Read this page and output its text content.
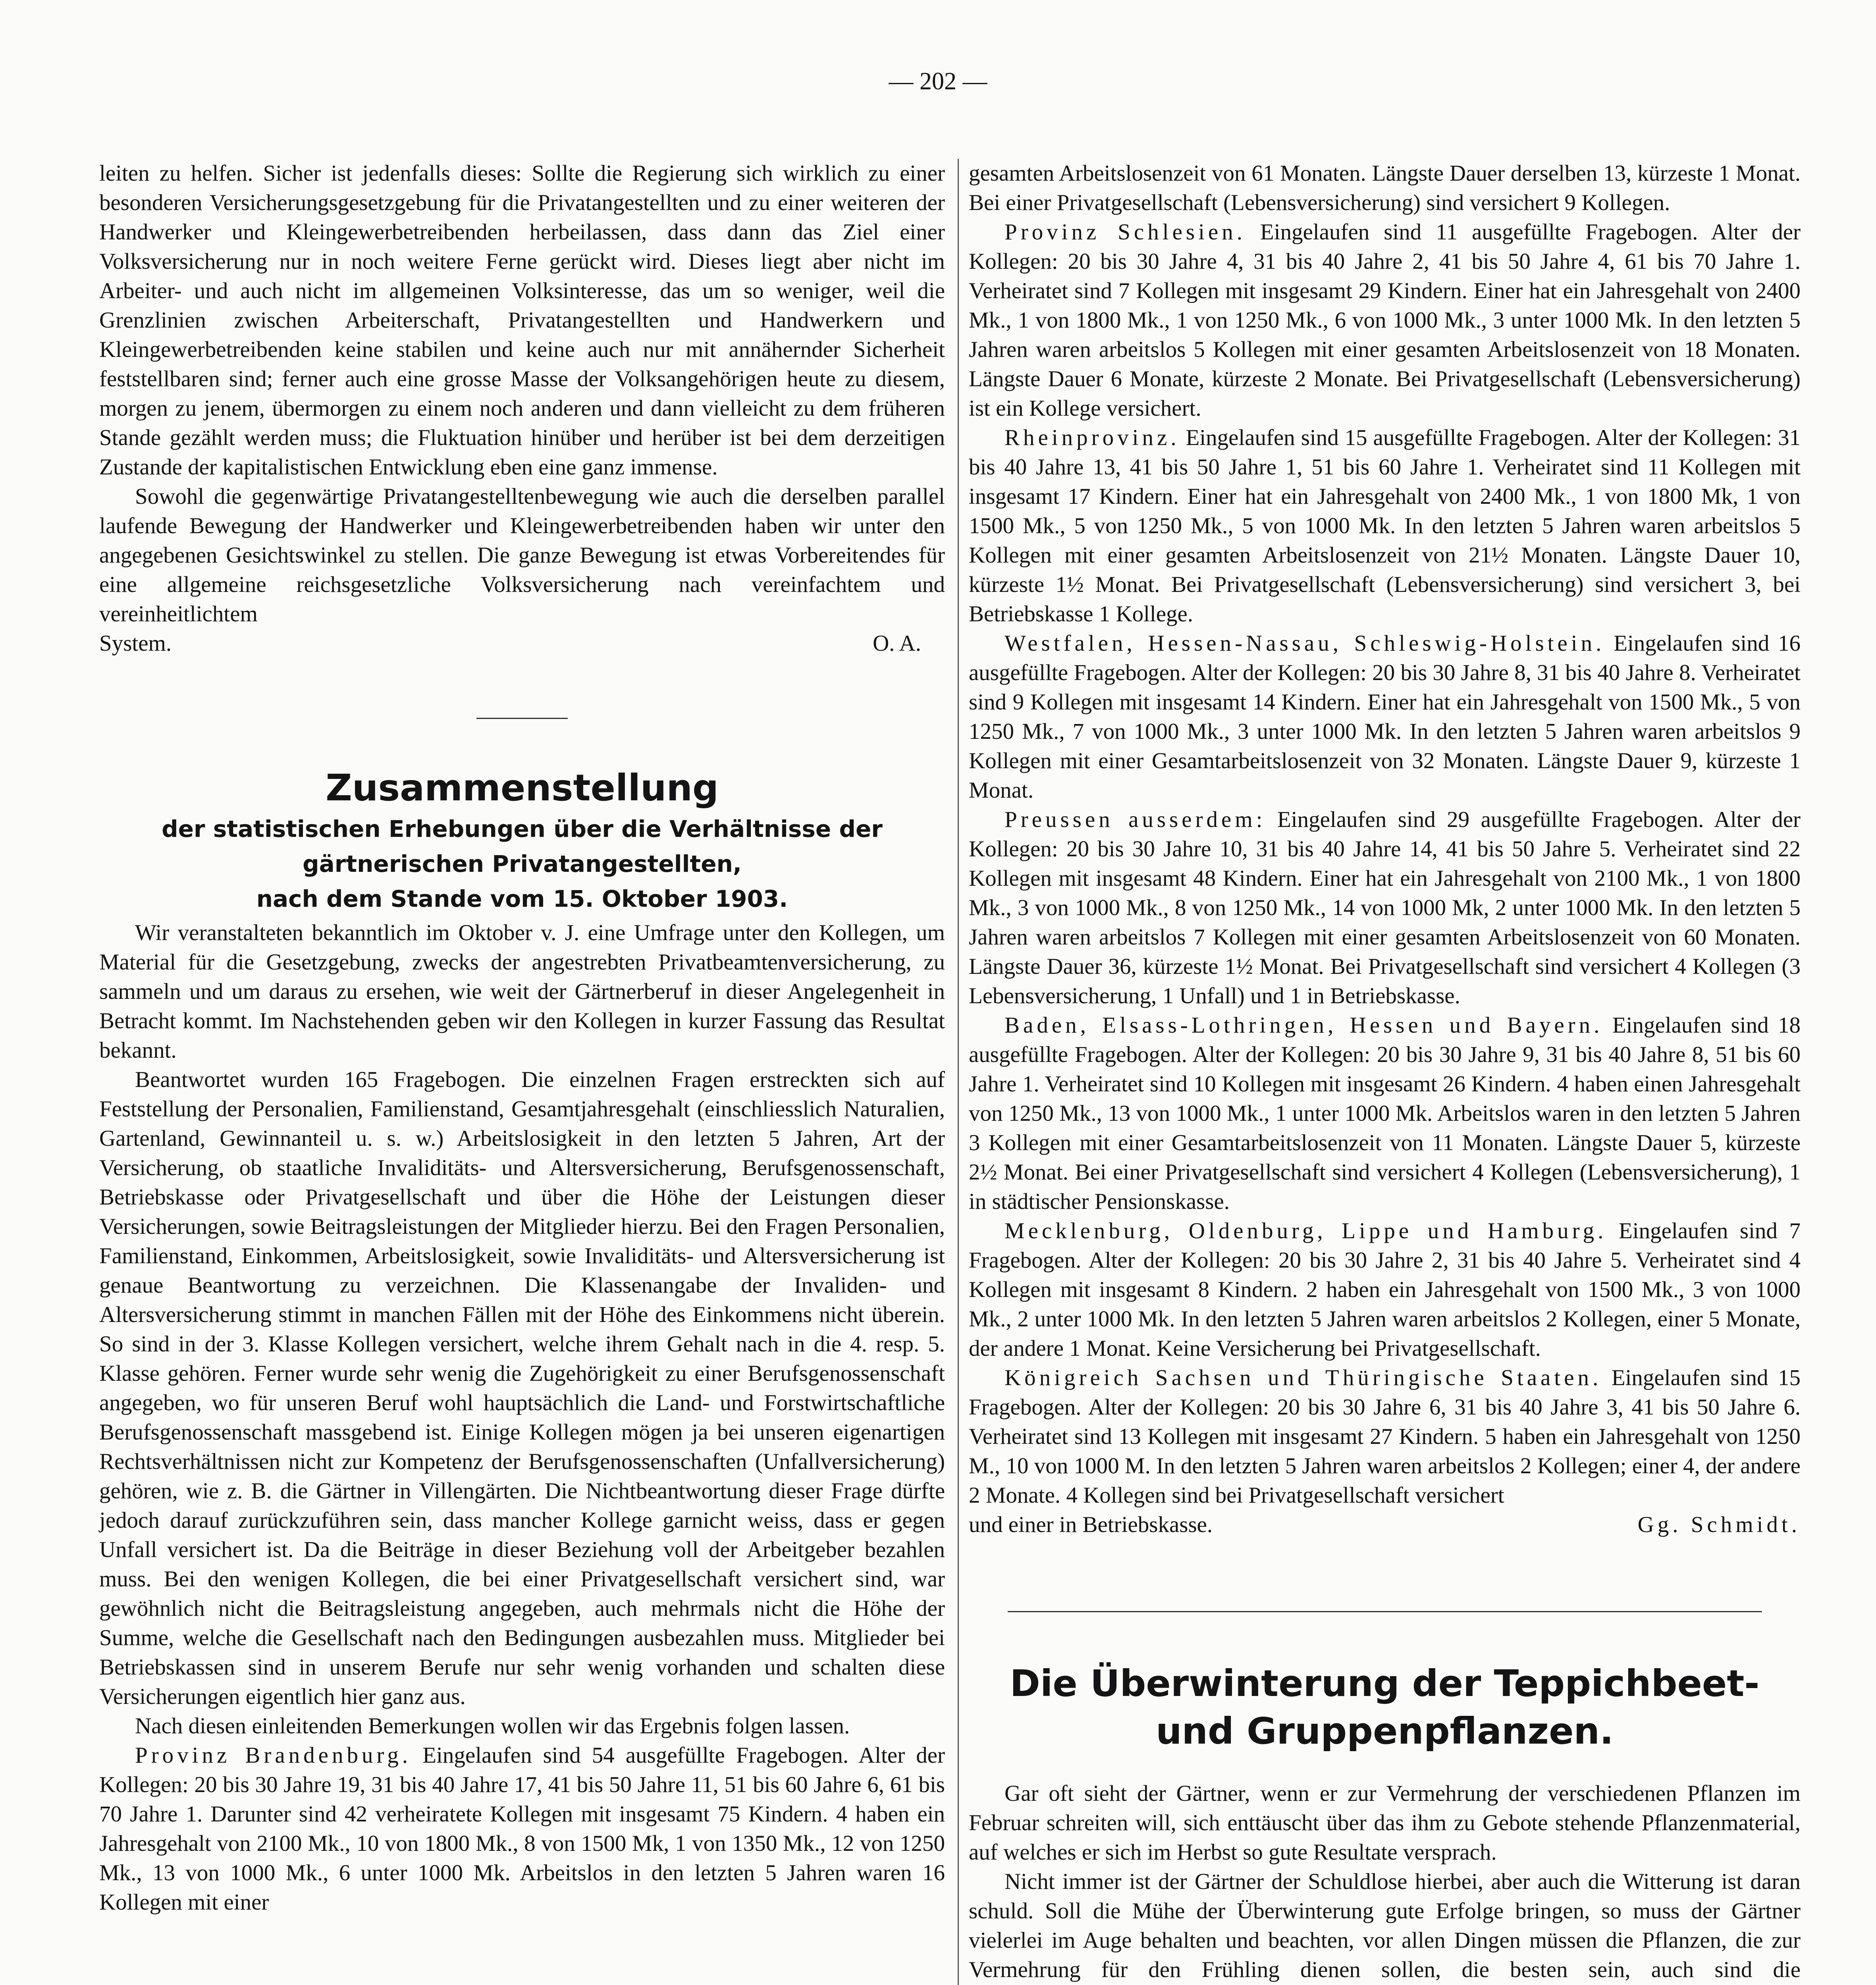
— 202 —

leiten zu helfen. Sicher ist jedenfalls dieses: Sollte die Regierung sich wirklich zu einer besonderen Versicherungsgesetzgebung für die Privatangestellten und zu einer weiteren der Handwerker und Kleingewerbetreibenden herbeilassen, dass dann das Ziel einer Volksversicherung nur in noch weitere Ferne gerückt wird. Dieses liegt aber nicht im Arbeiter- und auch nicht im allgemeinen Volksinteresse, das um so weniger, weil die Grenzlinien zwischen Arbeiterschaft, Privatangestellten und Handwerkern und Kleingewerbetreibenden keine stabilen und keine auch nur mit annähernder Sicherheit feststellbaren sind; ferner auch eine grosse Masse der Volksangehörigen heute zu diesem, morgen zu jenem, übermorgen zu einem noch anderen und dann vielleicht zu dem früheren Stande gezählt werden muss; die Fluktuation hinüber und herüber ist bei dem derzeitigen Zustande der kapitalistischen Entwicklung eben eine ganz immense.

Sowohl die gegenwärtige Privatangestelltenbewegung wie auch die derselben parallel laufende Bewegung der Handwerker und Kleingewerbetreibenden haben wir unter den angegebenen Gesichtswinkel zu stellen. Die ganze Bewegung ist etwas Vorbereitendes für eine allgemeine reichsgesetzliche Volksversicherung nach vereinfachtem und vereinheitlichtem

System.	O. A.
Zusammenstellung
der statistischen Erhebungen über die Verhältnisse der
gärtnerischen Privatangestellten,
nach dem Stande vom 15. Oktober 1903.

Wir veranstalteten bekanntlich im Oktober v. J. eine Umfrage unter den Kollegen, um Material für die Gesetzgebung, zwecks der angestrebten Privatbeamtenversicherung, zu sammeln und um daraus zu ersehen, wie weit der Gärtnerberuf in dieser Angelegenheit in Betracht kommt. Im Nachstehenden geben wir den Kollegen in kurzer Fassung das Resultat bekannt.

Beantwortet wurden 165 Fragebogen. Die einzelnen Fragen erstreckten sich auf Feststellung der Personalien, Familienstand, Gesamtjahresgehalt (einschliesslich Naturalien, Gartenland, Gewinnanteil u. s. w.) Arbeitslosigkeit in den letzten 5 Jahren, Art der Versicherung, ob staatliche Invaliditäts- und Altersversicherung, Berufsgenossenschaft, Betriebskasse oder Privatgesellschaft und über die Höhe der Leistungen dieser Versicherungen, sowie Beitragsleistungen der Mitglieder hierzu. Bei den Fragen Personalien, Familienstand, Einkommen, Arbeitslosigkeit, sowie Invaliditäts- und Altersversicherung ist genaue Beantwortung zu verzeichnen. Die Klassenangabe der Invaliden- und Altersversicherung stimmt in manchen Fällen mit der Höhe des Einkommens nicht überein. So sind in der 3. Klasse Kollegen versichert, welche ihrem Gehalt nach in die 4. resp. 5. Klasse gehören. Ferner wurde sehr wenig die Zugehörigkeit zu einer Berufsgenossenschaft angegeben, wo für unseren Beruf wohl hauptsächlich die Land- und Forstwirtschaftliche Berufsgenossenschaft massgebend ist. Einige Kollegen mögen ja bei unseren eigenartigen Rechtsverhältnissen nicht zur Kompetenz der Berufsgenossenschaften (Unfallversicherung) gehören, wie z. B. die Gärtner in Villengärten. Die Nichtbeantwortung dieser Frage dürfte jedoch darauf zurückzuführen sein, dass mancher Kollege garnicht weiss, dass er gegen Unfall versichert ist. Da die Beiträge in dieser Beziehung voll der Arbeitgeber bezahlen muss. Bei den wenigen Kollegen, die bei einer Privatgesellschaft versichert sind, war gewöhnlich nicht die Beitragsleistung angegeben, auch mehrmals nicht die Höhe der Summe, welche die Gesellschaft nach den Bedingungen ausbezahlen muss. Mitglieder bei Betriebskassen sind in unserem Berufe nur sehr wenig vorhanden und schalten diese Versicherungen eigentlich hier ganz aus.

Nach diesen einleitenden Bemerkungen wollen wir das Ergebnis folgen lassen.

Provinz Brandenburg. Eingelaufen sind 54 ausgefüllte Fragebogen. Alter der Kollegen: 20 bis 30 Jahre 19, 31 bis 40 Jahre 17, 41 bis 50 Jahre 11, 51 bis 60 Jahre 6, 61 bis 70 Jahre 1. Darunter sind 42 verheiratete Kollegen mit insgesamt 75 Kindern. 4 haben ein Jahresgehalt von 2100 Mk., 10 von 1800 Mk., 8 von 1500 Mk, 1 von 1350 Mk., 12 von 1250 Mk., 13 von 1000 Mk., 6 unter 1000 Mk. Arbeitslos in den letzten 5 Jahren waren 16 Kollegen mit einer

gesamten Arbeitslosenzeit von 61 Monaten. Längste Dauer derselben 13, kürzeste 1 Monat. Bei einer Privatgesellschaft (Lebensversicherung) sind versichert 9 Kollegen.

Provinz Schlesien. Eingelaufen sind 11 ausgefüllte Fragebogen. Alter der Kollegen: 20 bis 30 Jahre 4, 31 bis 40 Jahre 2, 41 bis 50 Jahre 4, 61 bis 70 Jahre 1. Verheiratet sind 7 Kollegen mit insgesamt 29 Kindern. Einer hat ein Jahresgehalt von 2400 Mk., 1 von 1800 Mk., 1 von 1250 Mk., 6 von 1000 Mk., 3 unter 1000 Mk. In den letzten 5 Jahren waren arbeitslos 5 Kollegen mit einer gesamten Arbeitslosenzeit von 18 Monaten. Längste Dauer 6 Monate, kürzeste 2 Monate. Bei Privatgesellschaft (Lebensversicherung) ist ein Kollege versichert.

Rheinprovinz. Eingelaufen sind 15 ausgefüllte Fragebogen. Alter der Kollegen: 31 bis 40 Jahre 13, 41 bis 50 Jahre 1, 51 bis 60 Jahre 1. Verheiratet sind 11 Kollegen mit insgesamt 17 Kindern. Einer hat ein Jahresgehalt von 2400 Mk., 1 von 1800 Mk, 1 von 1500 Mk., 5 von 1250 Mk., 5 von 1000 Mk. In den letzten 5 Jahren waren arbeitslos 5 Kollegen mit einer gesamten Arbeitslosenzeit von 21½ Monaten. Längste Dauer 10, kürzeste 1½ Monat. Bei Privatgesellschaft (Lebensversicherung) sind versichert 3, bei Betriebskasse 1 Kollege.

Westfalen, Hessen-Nassau, Schleswig-Holstein. Eingelaufen sind 16 ausgefüllte Fragebogen. Alter der Kollegen: 20 bis 30 Jahre 8, 31 bis 40 Jahre 8. Verheiratet sind 9 Kollegen mit insgesamt 14 Kindern. Einer hat ein Jahresgehalt von 1500 Mk., 5 von 1250 Mk., 7 von 1000 Mk., 3 unter 1000 Mk. In den letzten 5 Jahren waren arbeitslos 9 Kollegen mit einer Gesamtarbeitslosenzeit von 32 Monaten. Längste Dauer 9, kürzeste 1 Monat.

Preussen ausserdem: Eingelaufen sind 29 ausgefüllte Fragebogen. Alter der Kollegen: 20 bis 30 Jahre 10, 31 bis 40 Jahre 14, 41 bis 50 Jahre 5. Verheiratet sind 22 Kollegen mit insgesamt 48 Kindern. Einer hat ein Jahresgehalt von 2100 Mk., 1 von 1800 Mk., 3 von 1000 Mk., 8 von 1250 Mk., 14 von 1000 Mk, 2 unter 1000 Mk. In den letzten 5 Jahren waren arbeitslos 7 Kollegen mit einer gesamten Arbeitslosenzeit von 60 Monaten. Längste Dauer 36, kürzeste 1½ Monat. Bei Privatgesellschaft sind versichert 4 Kollegen (3 Lebensversicherung, 1 Unfall) und 1 in Betriebskasse.

Baden, Elsass-Lothringen, Hessen und Bayern. Eingelaufen sind 18 ausgefüllte Fragebogen. Alter der Kollegen: 20 bis 30 Jahre 9, 31 bis 40 Jahre 8, 51 bis 60 Jahre 1. Verheiratet sind 10 Kollegen mit insgesamt 26 Kindern. 4 haben einen Jahresgehalt von 1250 Mk., 13 von 1000 Mk., 1 unter 1000 Mk. Arbeitslos waren in den letzten 5 Jahren 3 Kollegen mit einer Gesamtarbeitslosenzeit von 11 Monaten. Längste Dauer 5, kürzeste 2½ Monat. Bei einer Privatgesellschaft sind versichert 4 Kollegen (Lebensversicherung), 1 in städtischer Pensionskasse.

Mecklenburg, Oldenburg, Lippe und Hamburg. Eingelaufen sind 7 Fragebogen. Alter der Kollegen: 20 bis 30 Jahre 2, 31 bis 40 Jahre 5. Verheiratet sind 4 Kollegen mit insgesamt 8 Kindern. 2 haben ein Jahresgehalt von 1500 Mk., 3 von 1000 Mk., 2 unter 1000 Mk. In den letzten 5 Jahren waren arbeitslos 2 Kollegen, einer 5 Monate, der andere 1 Monat. Keine Versicherung bei Privatgesellschaft.

Königreich Sachsen und Thüringische Staaten. Eingelaufen sind 15 Fragebogen. Alter der Kollegen: 20 bis 30 Jahre 6, 31 bis 40 Jahre 3, 41 bis 50 Jahre 6. Verheiratet sind 13 Kollegen mit insgesamt 27 Kindern. 5 haben ein Jahresgehalt von 1250 M., 10 von 1000 M. In den letzten 5 Jahren waren arbeitslos 2 Kollegen; einer 4, der andere 2 Monate. 4 Kollegen sind bei Privatgesellschaft versichert

und einer in Betriebskasse.	Gg. Schmidt.
Die Überwinterung der Teppichbeet-
und Gruppenpflanzen.

Gar oft sieht der Gärtner, wenn er zur Vermehrung der verschiedenen Pflanzen im Februar schreiten will, sich enttäuscht über das ihm zu Gebote stehende Pflanzenmaterial, auf welches er sich im Herbst so gute Resultate versprach.

Nicht immer ist der Gärtner der Schuldlose hierbei, aber auch die Witterung ist daran schuld. Soll die Mühe der Überwinterung gute Erfolge bringen, so muss der Gärtner vielerlei im Auge behalten und beachten, vor allen Dingen müssen die Pflanzen, die zur Vermehrung für den Frühling dienen sollen, die besten sein, auch sind die
